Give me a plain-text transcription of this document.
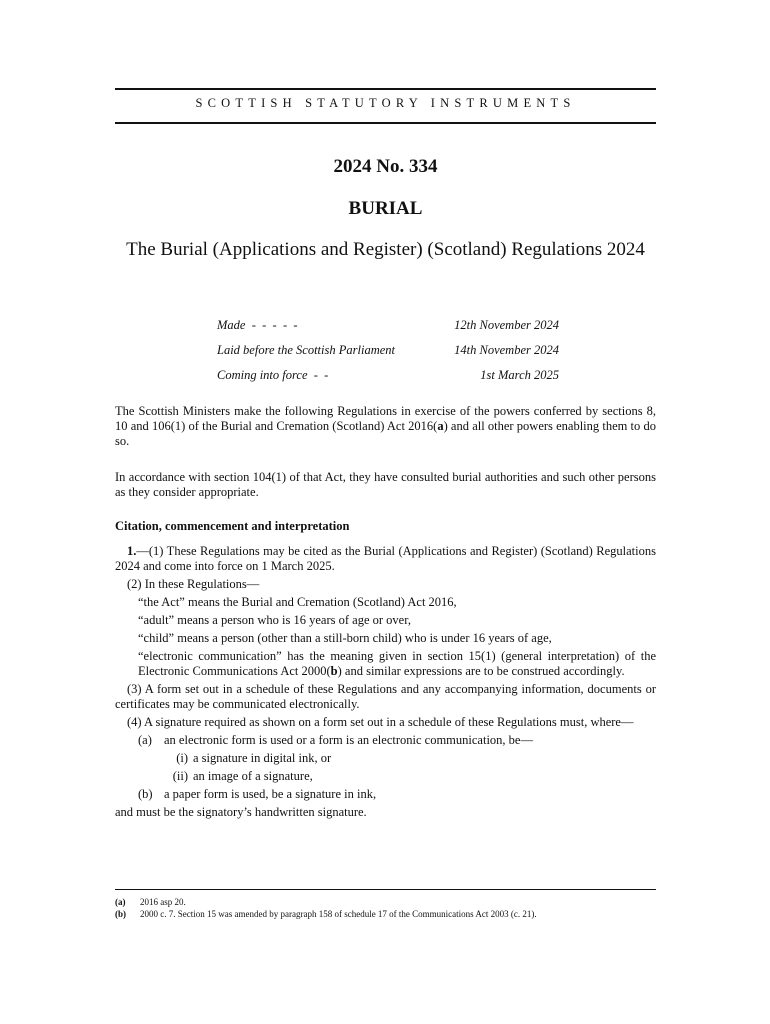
SCOTTISH STATUTORY INSTRUMENTS
2024 No. 334
BURIAL
The Burial (Applications and Register) (Scotland) Regulations 2024
Made  -  -  -  -  -	12th November 2024
Laid before the Scottish Parliament	14th November 2024
Coming into force  -  -	1st March 2025

The Scottish Ministers make the following Regulations in exercise of the powers conferred by sections 8, 10 and 106(1) of the Burial and Cremation (Scotland) Act 2016(a) and all other powers enabling them to do so.

In accordance with section 104(1) of that Act, they have consulted burial authorities and such other persons as they consider appropriate.

Citation, commencement and interpretation

1.—(1) These Regulations may be cited as the Burial (Applications and Register) (Scotland) Regulations 2024 and come into force on 1 March 2025.

(2) In these Regulations—

“the Act” means the Burial and Cremation (Scotland) Act 2016,

“adult” means a person who is 16 years of age or over,

“child” means a person (other than a still-born child) who is under 16 years of age,

“electronic communication” has the meaning given in section 15(1) (general interpretation) of the Electronic Communications Act 2000(b) and similar expressions are to be construed accordingly.

(3) A form set out in a schedule of these Regulations and any accompanying information, documents or certificates may be communicated electronically.

(4) A signature required as shown on a form set out in a schedule of these Regulations must, where—

(a) an electronic form is used or a form is an electronic communication, be—
(i) a signature in digital ink, or
(ii) an image of a signature,
(b) a paper form is used, be a signature in ink,

and must be the signatory’s handwritten signature.

(a)	2016 asp 20.
(b)	2000 c. 7. Section 15 was amended by paragraph 158 of schedule 17 of the Communications Act 2003 (c. 21).
